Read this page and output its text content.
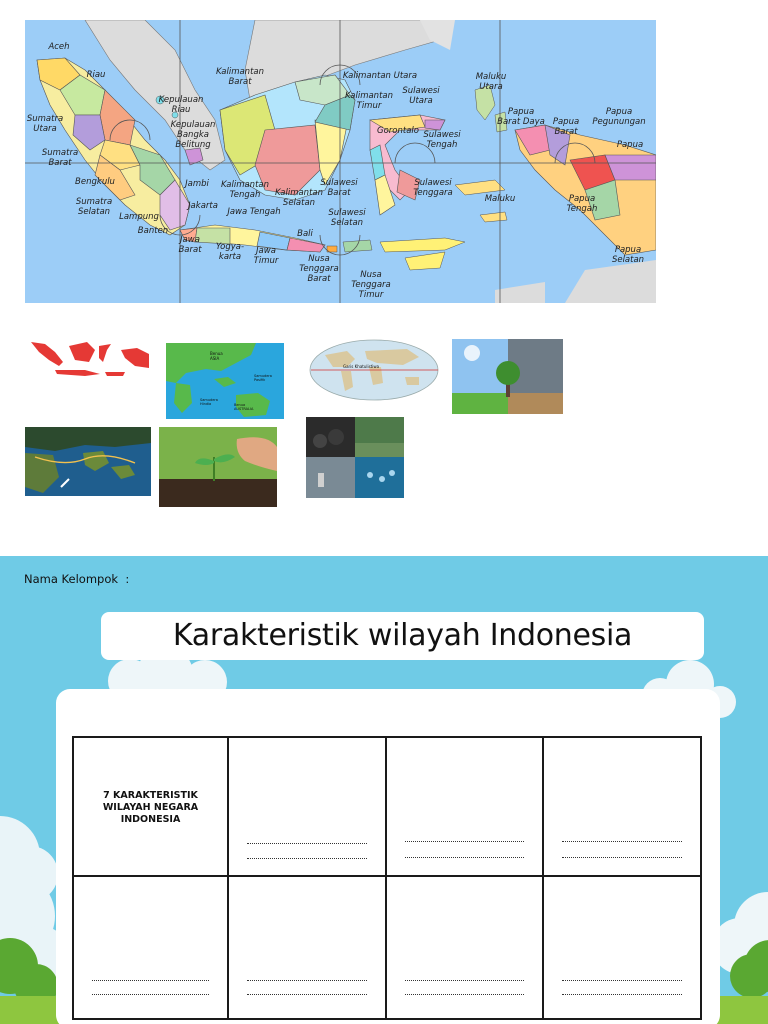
Aceh
Riau	Kalimantan
Barat
Kepulauan
Riau
Sumatra
Utara	Kepulauan
Bangka
Belitung
Sumatra
Barat
Jambi
Bengkulu
Sumatra
Selatan Lampung
Banten
Jakarta
Jawa
Barat
Jawa Tengah
Yogya-
karta
Jawa
Timur
Bali
Nusa
Tenggara
Barat	Nusa
Tenggara
Timur
Kalimantan
Tengah	Kalimantan
Selatan
Kalimantan Utara
Kalimantan
Timur
Sulawesi
Utara
Gorontalo Sulawesi
Tengah
Sulawesi
Barat
Sulawesi
Selatan
Sulawesi
Tenggara
Maluku
Utara
Maluku
Papua
Barat Daya Papua
Barat
Papua
Pegunungan
Papua
Papua
Tengah
Papua
Selatan
Benua
ASIA
Samudera
Pasifik
Samudera
Hindia	Benua
AUSTRALIA
Garis Khatulistiwa
Nama Kelompok  :
Karakteristik wilayah Indonesia
7 KARAKTERISTIK
WILAYAH NEGARA
INDONESIA
